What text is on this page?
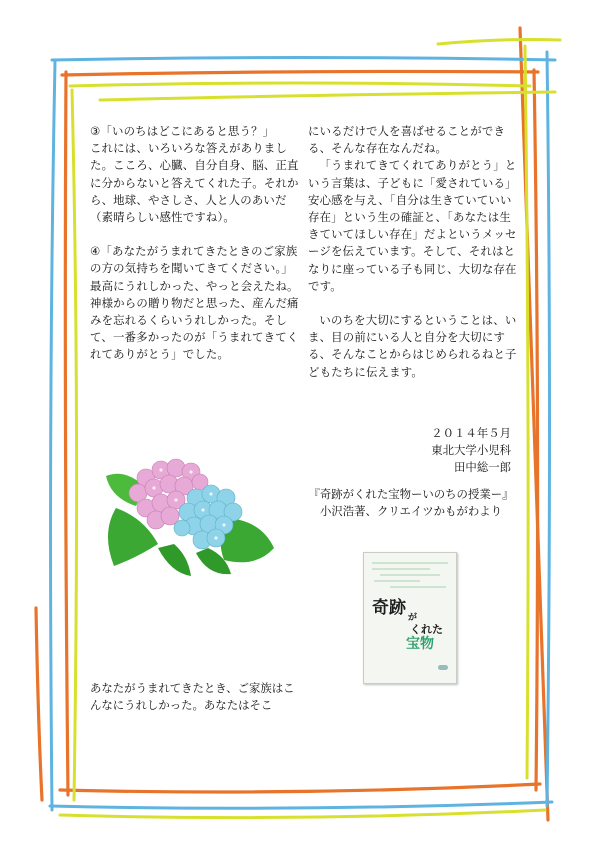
③「いのちはどこにあると思う？」
これには、いろいろな答えがありました。こころ、心臓、自分自身、脳、正直に分からないと答えてくれた子。それから、地球、やさしさ、人と人のあいだ（素晴らしい感性ですね）。

④「あなたがうまれてきたときのご家族の方の気持ちを聞いてきてください。」

最高にうれしかった、やっと会えたね。神様からの贈り物だと思った、産んだ痛みを忘れるくらいうれしかった。そして、一番多かったのが「うまれてきてくれてありがとう」でした。

にいるだけで人を喜ばせることができる、そんな存在なんだね。

「うまれてきてくれてありがとう」という言葉は、子どもに「愛されている」安心感を与え、「自分は生きていていい存在」という生の確証と、「あなたは生きていてほしい存在」だよというメッセージを伝えています。そして、それはとなりに座っている子も同じ、大切な存在です。

いのちを大切にするということは、いま、目の前にいる人と自分を大切にする、そんなことからはじめられるねと子どもたちに伝えます。

２０１４年５月
東北大学小児科
田中総一郎
『奇跡がくれた宝物ーいのちの授業ー』
小沢浩著、クリエイツかもがわより
奇跡 が
くれた
宝物

あなたがうまれてきたとき、ご家族はこんなにうれしかった。あなたはそこ
